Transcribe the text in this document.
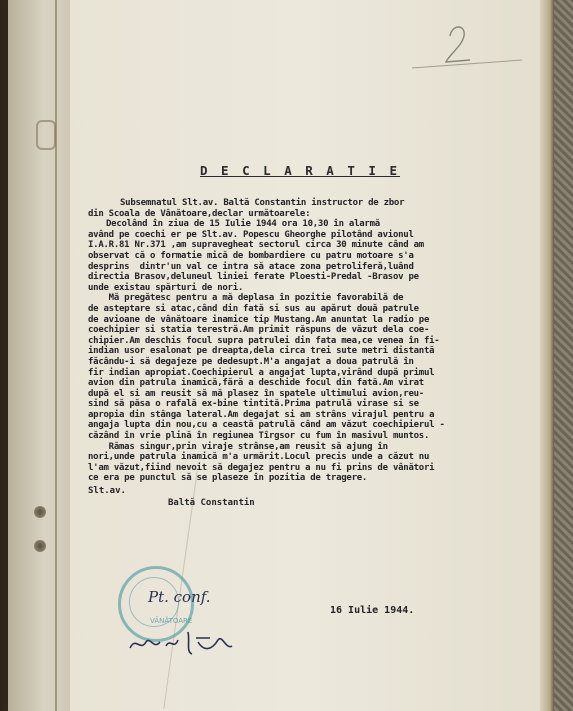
D E C L A R A T I E
Subsemnatul Slt.av. Baltă Constantin instructor de zbor
din Scoala de Vânătoare,declar următoarele:
Decolând în ziua de 15 Iulie 1944 ora 10,30 în alarmă
având pe coechi er pe Slt.av. Popescu Gheorghe pilotând avionul
I.A.R.81 Nr.371 ,am supravegheat sectorul circa 30 minute când am
observat că o formatie mică de bombardiere cu patru motoare s'a
desprins  dintr'un val ce intra să atace zona petroliferă,luând
directia Brasov,deluneul liniei ferate Ploesti-Predal -Brasov pe
unde existau spărturi de nori.
Mă pregătesc pentru a mă deplasa în pozitie favorabilă de
de asteptare si atac,când din fată si sus au apărut două patrule
de avioane de vânătoare inamice tip Mustang.Am anuntat la radio pe
coechipier si statia terestră.Am primit răspuns de văzut dela coe-
chipier.Am deschis focul supra patrulei din fata mea,ce venea în fi-
indian usor esalonat pe dreapta,dela circa trei sute metri distantă
făcându-i să degajeze pe dedesupt.M'a angajat a doua patrulă în
fir indian apropiat.Coechipierul a angajat lupta,virând după primul
avion din patrula inamică,fără a deschide focul din fată.Am virat
după el si am reusit să mă plasez în spatele ultimului avion,reu-
sind să păsa o rafală ex-bine tintită.Prima patrulă virase si se
apropia din stânga lateral.Am degajat si am strâns virajul pentru a
angaja lupta din nou,cu a ceastă patrulă când am văzut coechipierul -
căzând în vrie plină în regiunea Tîrgsor cu fum în masivul muntos.
Rămas singur,prin viraje strânse,am reusit să ajung în
nori,unde patrula inamică m'a urmărit.Locul precis unde a căzut nu
l'am văzut,fiind nevoit să degajez pentru a nu fi prins de vânători
ce era pe punctul să se plaseze în pozitia de tragere.
Slt.av.
Baltă Constantin
VÂNĂTOARE
Pt. conf.
16 Iulie 1944.
